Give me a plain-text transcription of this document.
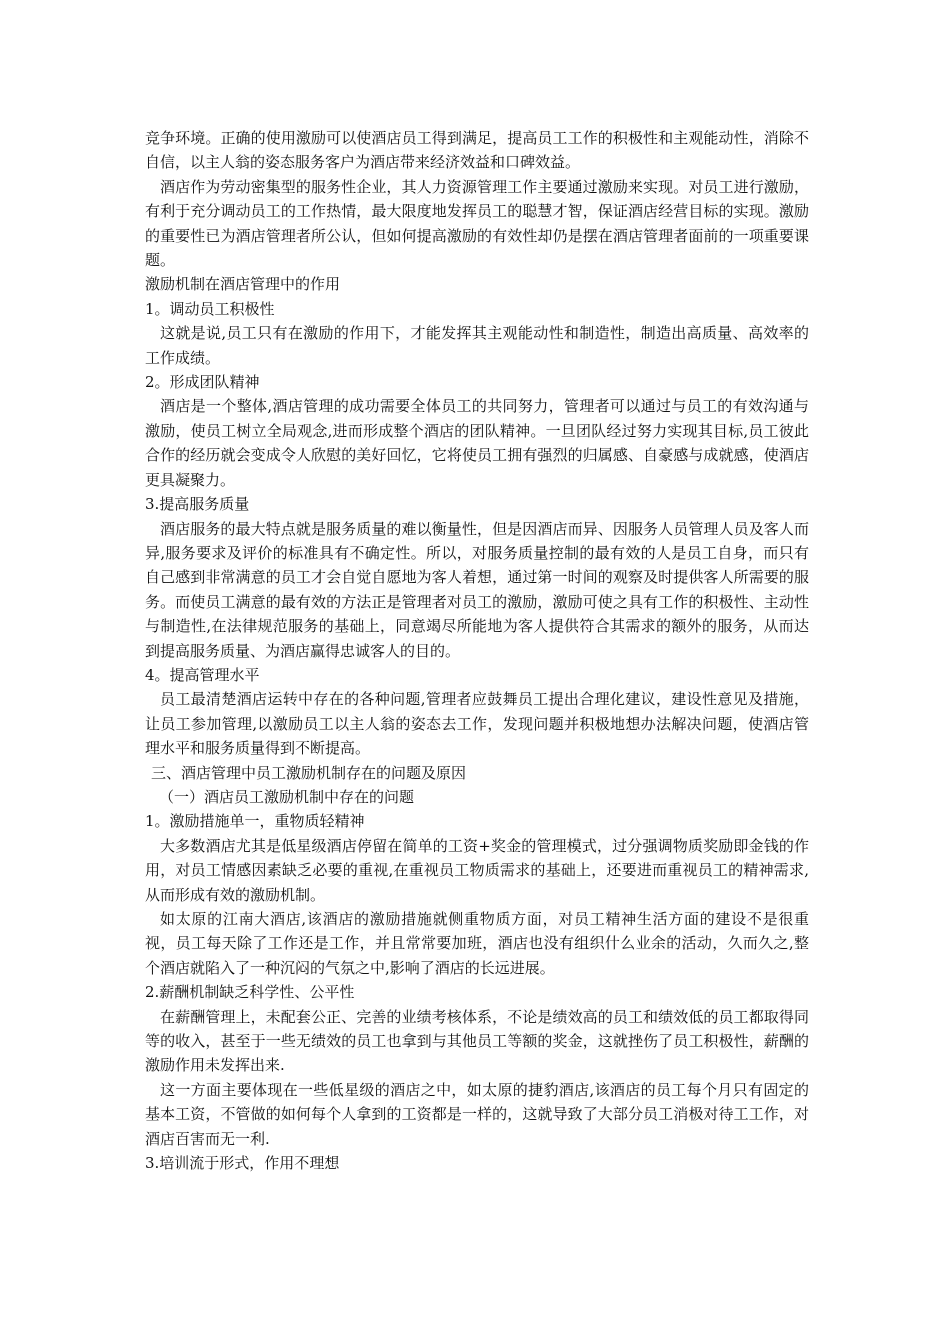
竞争环境。正确的使用激励可以使酒店员工得到满足，提高员工工作的积极性和主观能动性，消除不自信，以主人翁的姿态服务客户为酒店带来经济效益和口碑效益。

酒店作为劳动密集型的服务性企业，其人力资源管理工作主要通过激励来实现。对员工进行激励，有利于充分调动员工的工作热情，最大限度地发挥员工的聪慧才智，保证酒店经营目标的实现。激励的重要性已为酒店管理者所公认，但如何提高激励的有效性却仍是摆在酒店管理者面前的一项重要课题。

激励机制在酒店管理中的作用

1。调动员工积极性

这就是说,员工只有在激励的作用下，才能发挥其主观能动性和制造性，制造出高质量、高效率的工作成绩。

2。形成团队精神

酒店是一个整体,酒店管理的成功需要全体员工的共同努力，管理者可以通过与员工的有效沟通与激励，使员工树立全局观念,进而形成整个酒店的团队精神。一旦团队经过努力实现其目标,员工彼此合作的经历就会变成令人欣慰的美好回忆，它将使员工拥有强烈的归属感、自豪感与成就感，使酒店更具凝聚力。

3.提高服务质量

酒店服务的最大特点就是服务质量的难以衡量性，但是因酒店而异、因服务人员管理人员及客人而异,服务要求及评价的标准具有不确定性。所以，对服务质量控制的最有效的人是员工自身，而只有自己感到非常满意的员工才会自觉自愿地为客人着想，通过第一时间的观察及时提供客人所需要的服务。而使员工满意的最有效的方法正是管理者对员工的激励，激励可使之具有工作的积极性、主动性与制造性,在法律规范服务的基础上，同意竭尽所能地为客人提供符合其需求的额外的服务，从而达到提高服务质量、为酒店赢得忠诚客人的目的。

4。提高管理水平

员工最清楚酒店运转中存在的各种问题,管理者应鼓舞员工提出合理化建议，建设性意见及措施，让员工参加管理,以激励员工以主人翁的姿态去工作，发现问题并积极地想办法解决问题，使酒店管理水平和服务质量得到不断提高。

三、酒店管理中员工激励机制存在的问题及原因

（一）酒店员工激励机制中存在的问题

1。激励措施单一，重物质轻精神

大多数酒店尤其是低星级酒店停留在简单的工资+奖金的管理模式，过分强调物质奖励即金钱的作用，对员工情感因素缺乏必要的重视,在重视员工物质需求的基础上，还要进而重视员工的精神需求,从而形成有效的激励机制。

如太原的江南大酒店,该酒店的激励措施就侧重物质方面，对员工精神生活方面的建设不是很重视，员工每天除了工作还是工作，并且常常要加班，酒店也没有组织什么业余的活动，久而久之,整个酒店就陷入了一种沉闷的气氛之中,影响了酒店的长远进展。

2.薪酬机制缺乏科学性、公平性

在薪酬管理上，未配套公正、完善的业绩考核体系，不论是绩效高的员工和绩效低的员工都取得同等的收入，甚至于一些无绩效的员工也拿到与其他员工等额的奖金，这就挫伤了员工积极性，薪酬的激励作用未发挥出来.

这一方面主要体现在一些低星级的酒店之中，如太原的捷豹酒店,该酒店的员工每个月只有固定的基本工资，不管做的如何每个人拿到的工资都是一样的，这就导致了大部分员工消极对待工工作，对酒店百害而无一利.

3.培训流于形式，作用不理想
